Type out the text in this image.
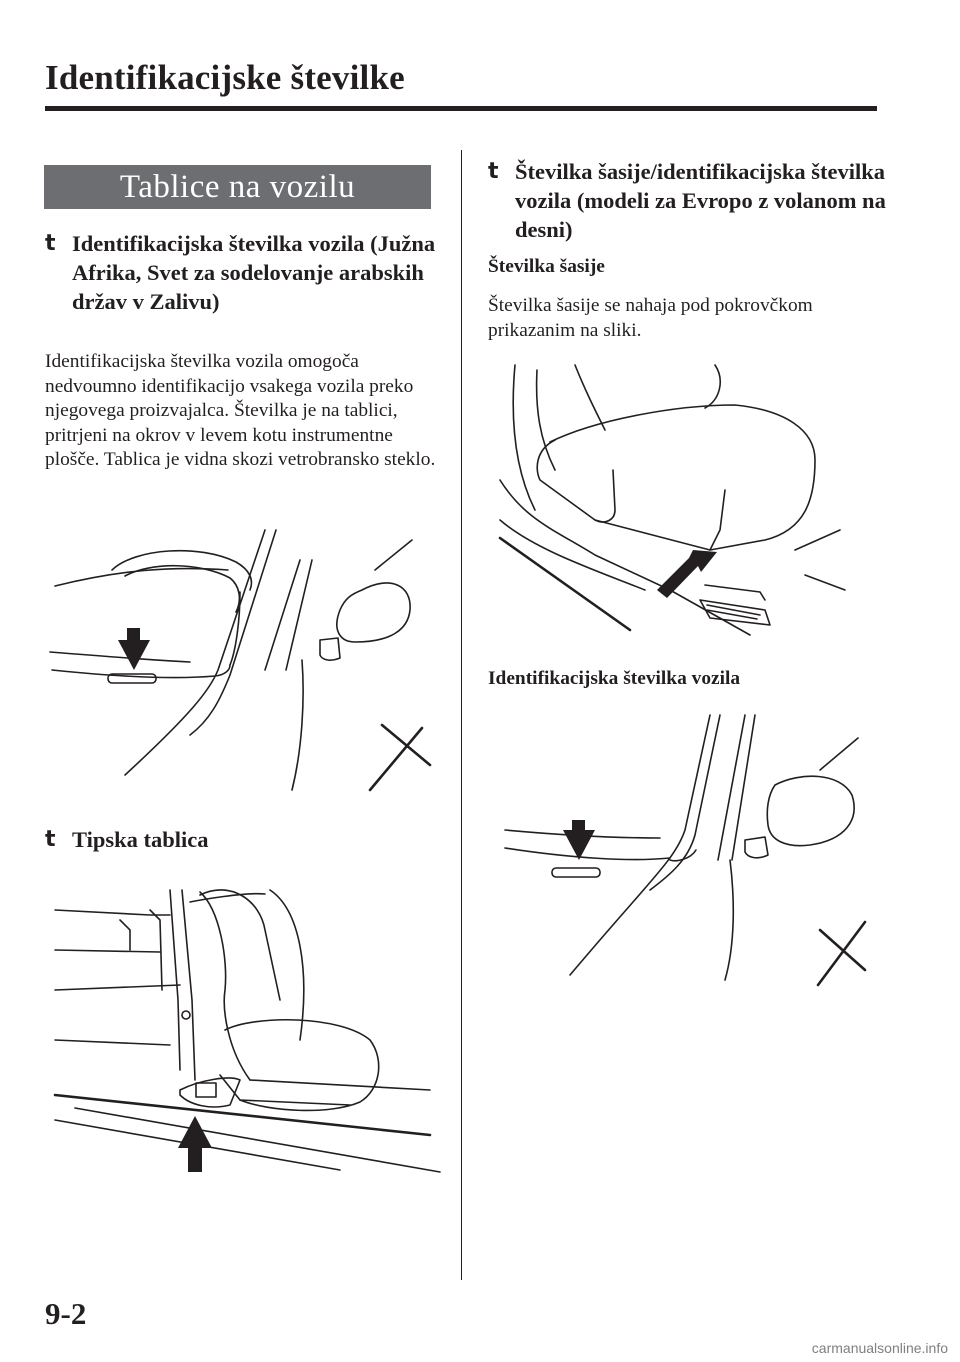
Identifikacijske številke
Tablice na vozilu
t Identifikacijska številka vozila (Južna Afrika, Svet za sodelovanje arabskih držav v Zalivu)
Identifikacijska številka vozila omogoča nedvoumno identifikacijo vsakega vozila preko njegovega proizvajalca. Številka je na tablici, pritrjeni na okrov v levem kotu instrumentne plošče. Tablica je vidna skozi vetrobransko steklo.
t Tipska tablica
t Številka šasije/identifikacijska številka vozila (modeli za Evropo z volanom na desni)
Številka šasije
Številka šasije se nahaja pod pokrovčkom prikazanim na sliki.
Identifikacijska številka vozila
9-2
carmanualsonline.info
